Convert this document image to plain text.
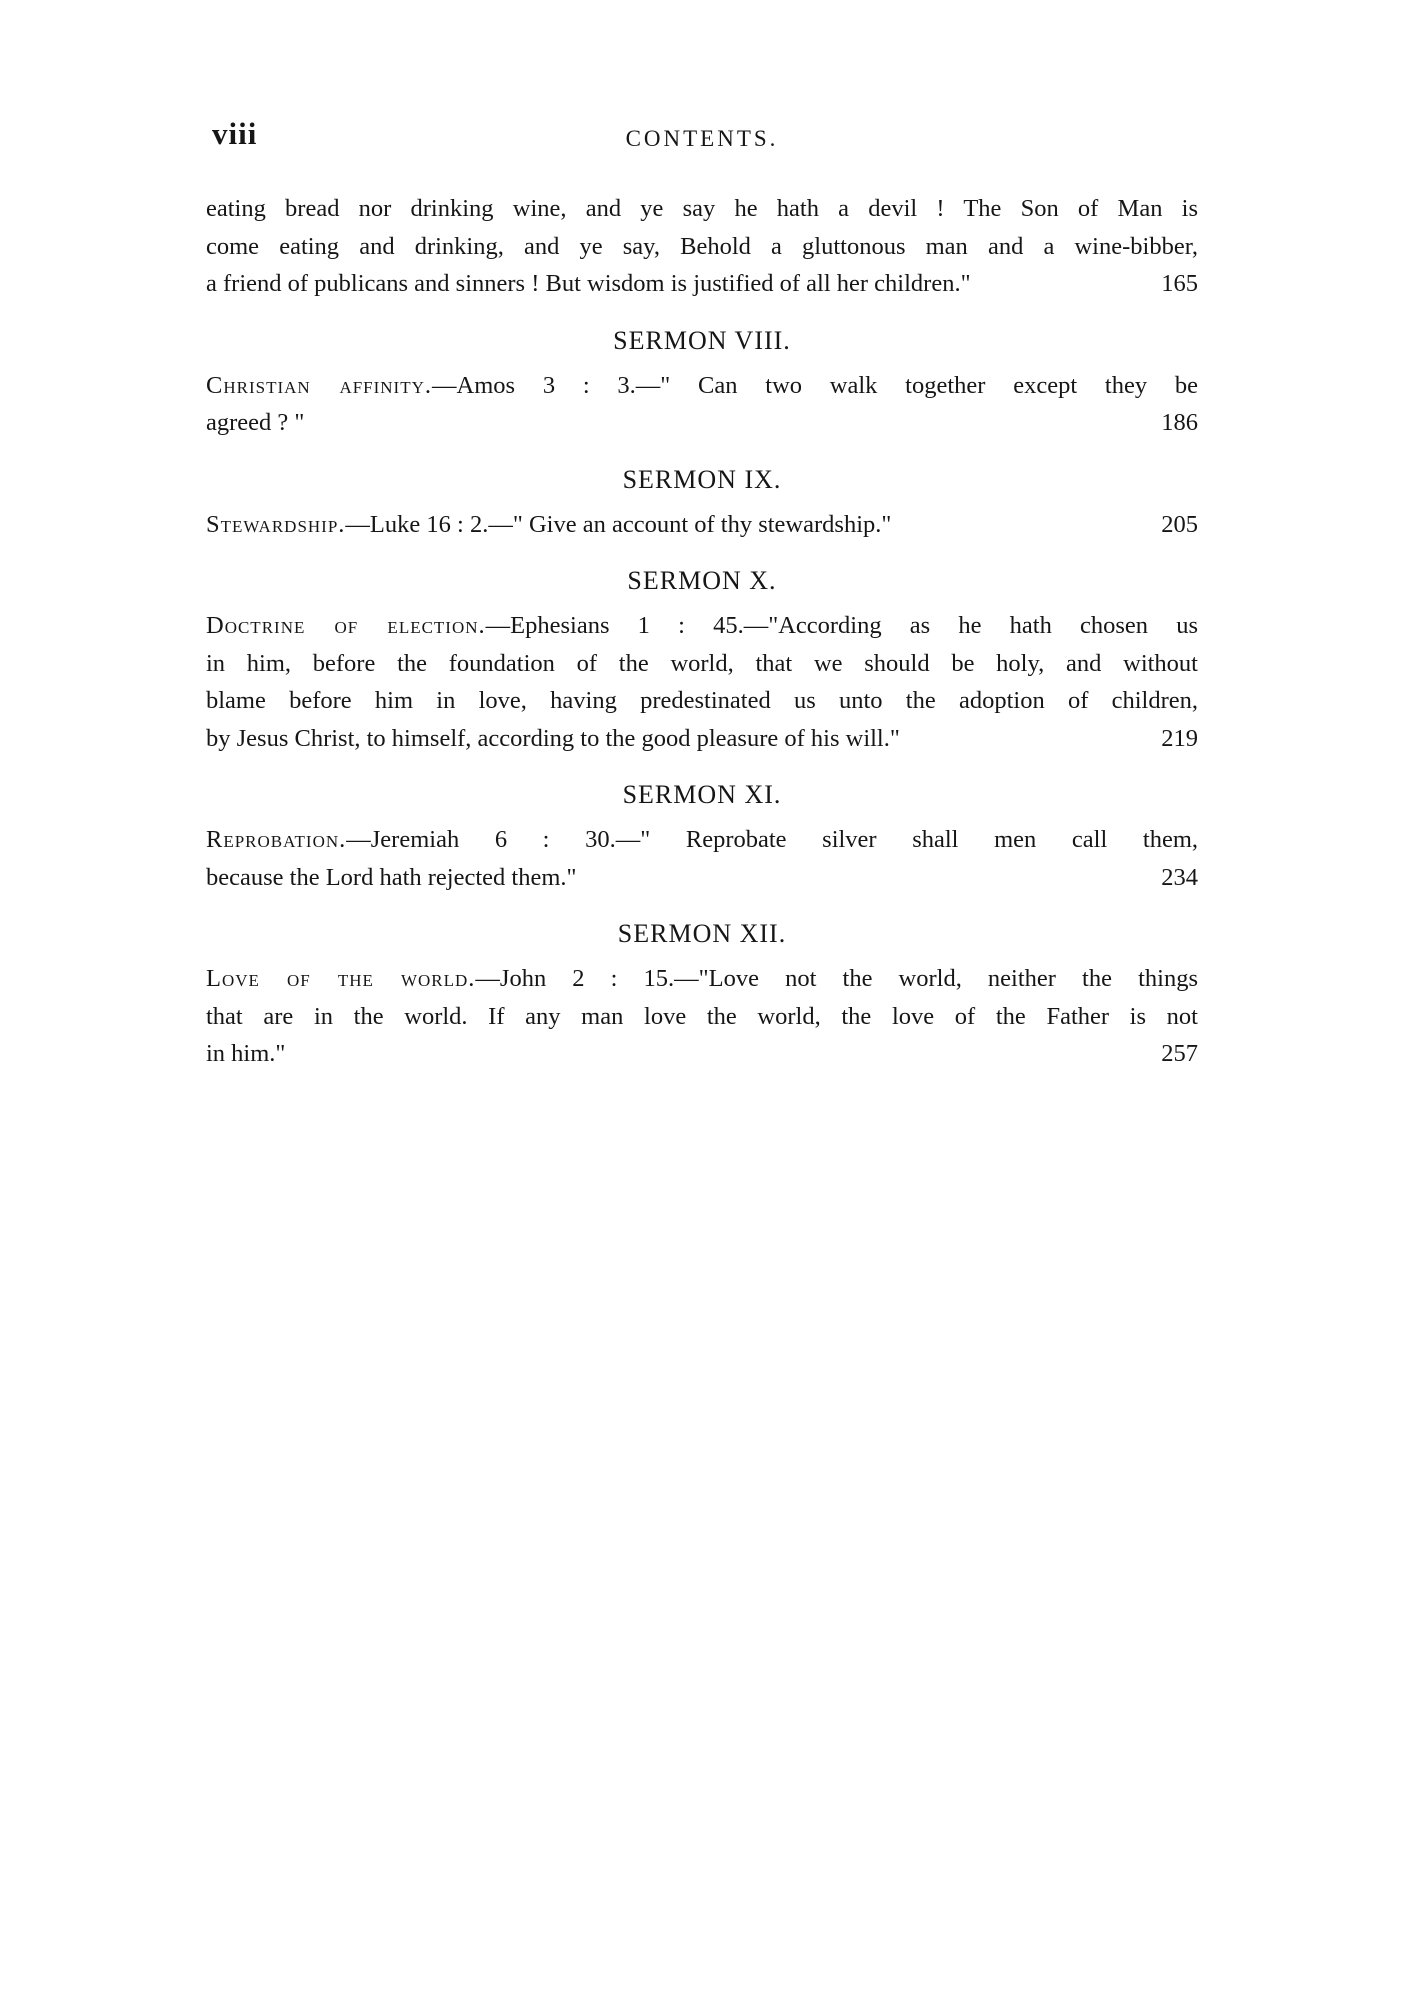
viii	CONTENTS.
eating bread nor drinking wine, and ye say he hath a devil ! The Son of Man is
come eating and drinking, and ye say, Behold a gluttonous man and a wine-bibber,
a friend of publicans and sinners ! But wisdom is justified of all her children."	165
SERMON VIII.
Christian affinity.—Amos 3 : 3.—" Can two walk together except they be
agreed ? "	186
SERMON IX.
Stewardship.—Luke 16 : 2.—" Give an account of thy stewardship."	205
SERMON X.
Doctrine of election.—Ephesians 1 : 45.—"According as he hath chosen us
in him, before the foundation of the world, that we should be holy, and without
blame before him in love, having predestinated us unto the adoption of children,
by Jesus Christ, to himself, according to the good pleasure of his will."	219
SERMON XI.
Reprobation.—Jeremiah 6 : 30.—" Reprobate silver shall men call them,
because the Lord hath rejected them."	234
SERMON XII.
Love of the world.—John 2 : 15.—"Love not the world, neither the things
that are in the world. If any man love the world, the love of the Father is not
in him."	257
